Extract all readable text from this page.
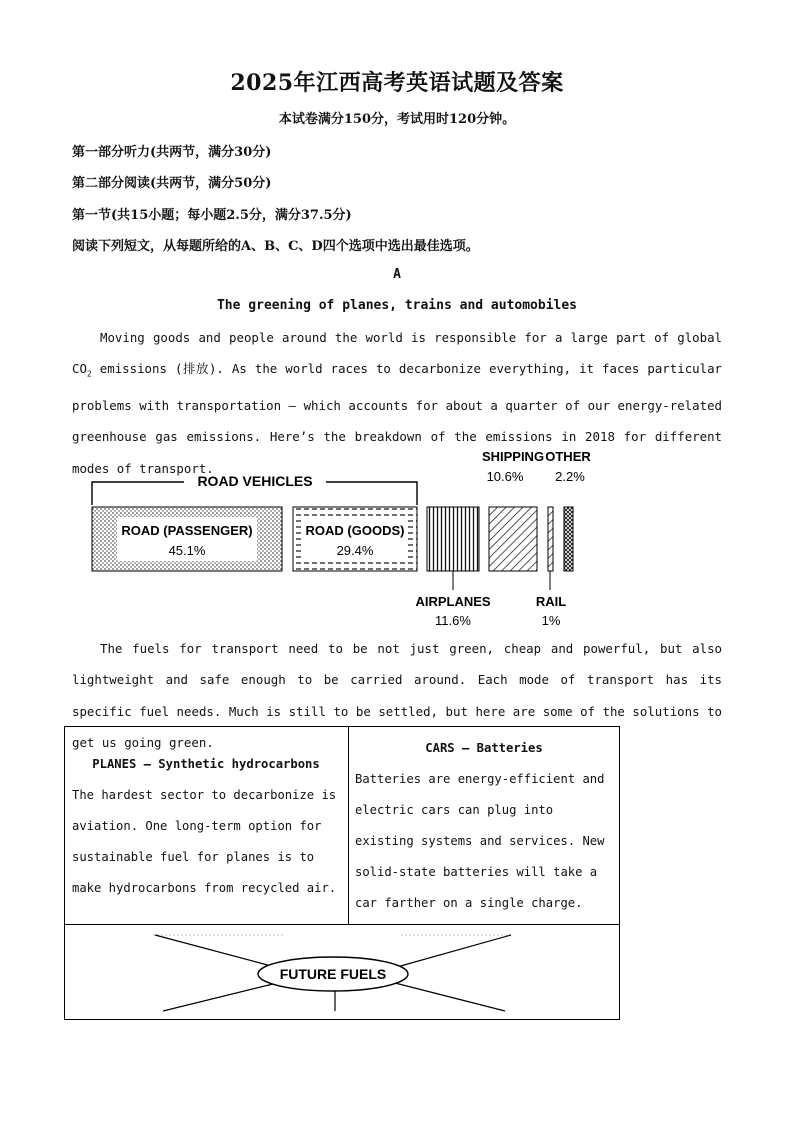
2025年江西高考英语试题及答案
本试卷满分150分，考试用时120分钟。
第一部分听力(共两节，满分30分)
第二部分阅读(共两节，满分50分)
第一节(共15小题；每小题2.5分，满分37.5分)
阅读下列短文，从每题所给的A、B、C、D四个选项中选出最佳选项。
A
The greening of planes, trains and automobiles
Moving goods and people around the world is responsible for a large part of global $CO_2$ emissions (排放). As the world races to decarbonize everything, it faces particular problems with transportation — which accounts for about a quarter of our energy-related greenhouse gas emissions. Here’s the breakdown of the emissions in 2018 for different modes of transport.
ROAD VEHICLES
ROAD (PASSENGER)
45.1%
ROAD (GOODS)
29.4%
AIRPLANES
11.6%
SHIPPING
10.6%
RAIL
1%
OTHER
2.2%
The fuels for transport need to be not just green, cheap and powerful, but also lightweight and safe enough to be carried around. Each mode of transport has its specific fuel needs. Much is still to be settled, but here are some of the solutions to get us going green.
PLANES — Synthetic hydrocarbons
The hardest sector to decarbonize is aviation. One long-term option for sustainable fuel for planes is to make hydrocarbons from recycled air.
CARS — Batteries
Batteries are energy-efficient and electric cars can plug into existing systems and services. New solid-state batteries will take a car farther on a single charge.
FUTURE FUELS
